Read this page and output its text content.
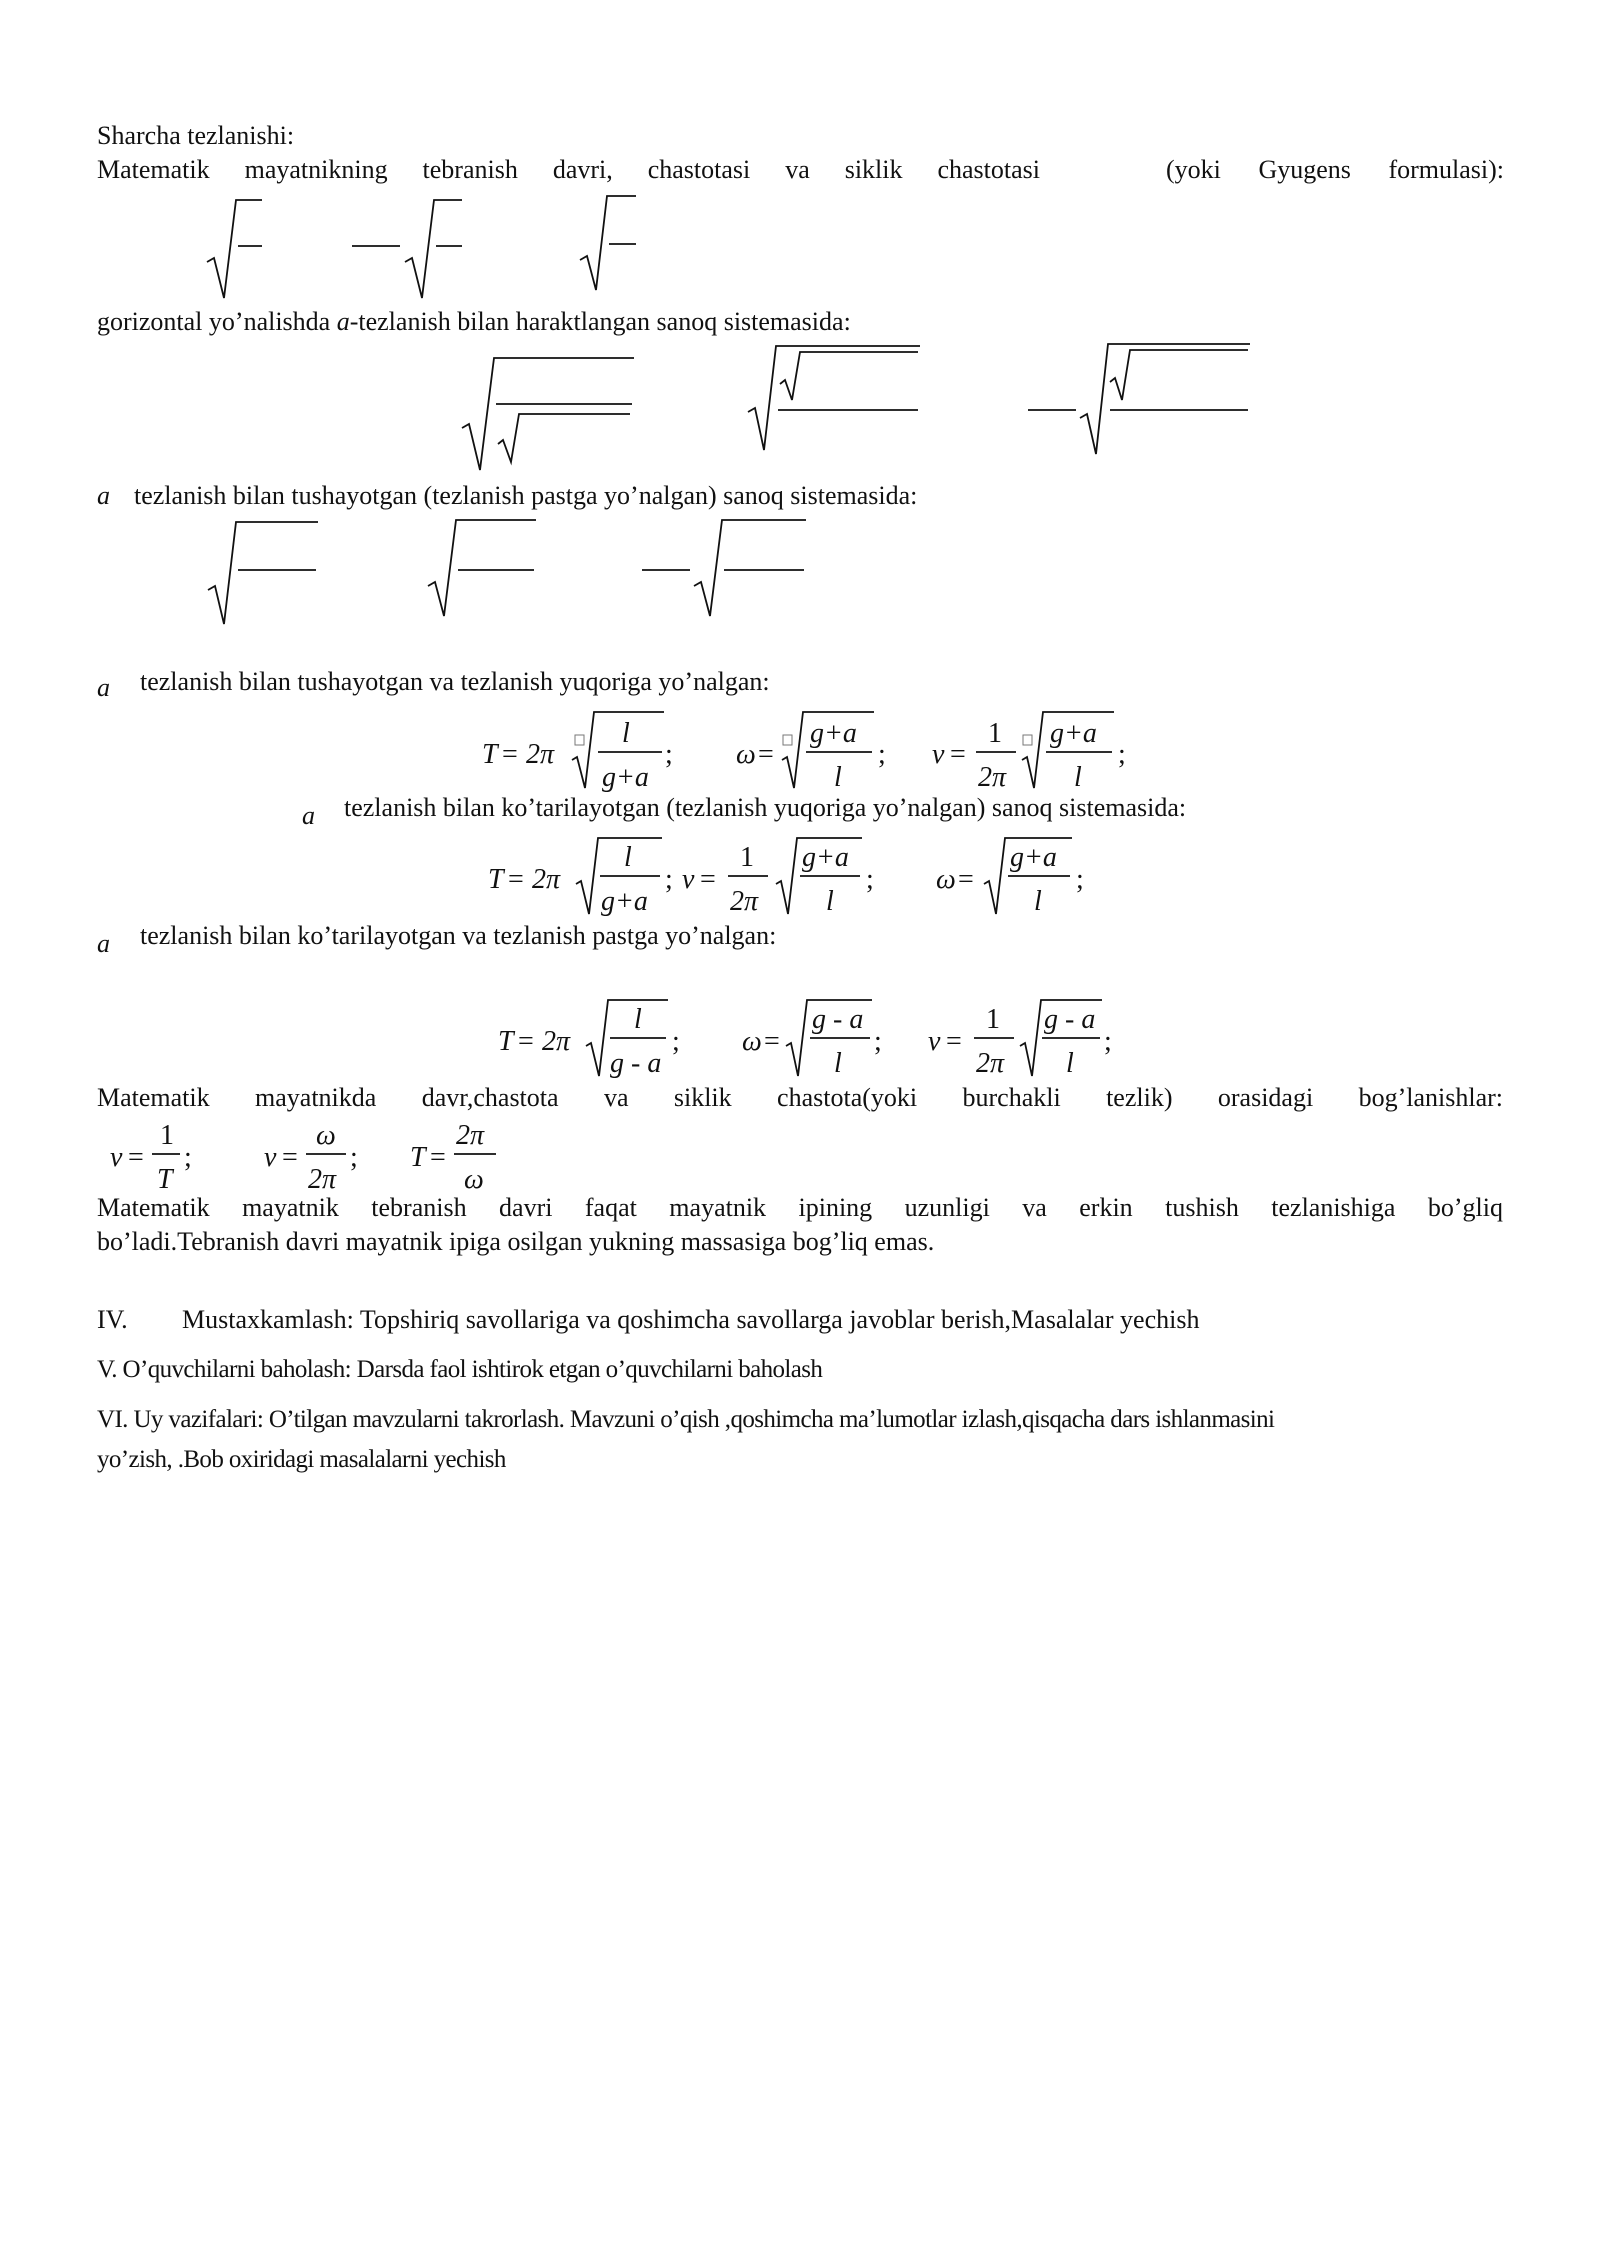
Sharcha tezlanishi:
Matematik mayatnikning tebranish davri, chastotasi va siklik chastotasi	(yoki Gyugens formulasi):
gorizontal yo’nalishda a-tezlanish bilan haraktlangan sanoq sistemasida:
a tezlanish bilan tushayotgan (tezlanish pastga yo’nalgan) sanoq sistemasida:
a tezlanish bilan tushayotgan va tezlanish yuqoriga yo’nalgan:
a tezlanish bilan ko’tarilayotgan (tezlanish yuqoriga yo’nalgan) sanoq sistemasida:
a tezlanish bilan ko’tarilayotgan va tezlanish pastga yo’nalgan:
Matematik mayatnikda davr,chastota va siklik chastota(yoki burchakli tezlik) orasidagi bog’lanishlar:
Matematik mayatnik tebranish davri faqat mayatnik ipining uzunligi va erkin tushish tezlanishiga bo’gliq
bo’ladi.Tebranish davri mayatnik ipiga osilgan yukning massasiga bog’liq emas.
IV. Mustaxkamlash: Topshiriq savollariga va qoshimcha savollarga javoblar berish,Masalalar yechish
V. O’quvchilarni baholash: Darsda faol ishtirok etgan o’quvchilarni baholash
VI. Uy vazifalari: O’tilgan mavzularni takrorlash. Mavzuni o’qish ,qoshimcha ma’lumotlar izlash,qisqacha dars ishlanmasini
yo’zish, .Bob oxiridagi masalalarni yechish
T = 2π
l
g+a
; ω =
g+a
l
; v =
1
2π
g+a
l
;
T = 2π
l
g+a
; v =
1
2π
g+a
l
; ω =
g+a
l
;
T = 2π
l
g - a
; ω =
g - a
l
; v =
1
2π
g - a
l
;
v =
1
T
;	v =
ω
2π
; T =
2π
ω
